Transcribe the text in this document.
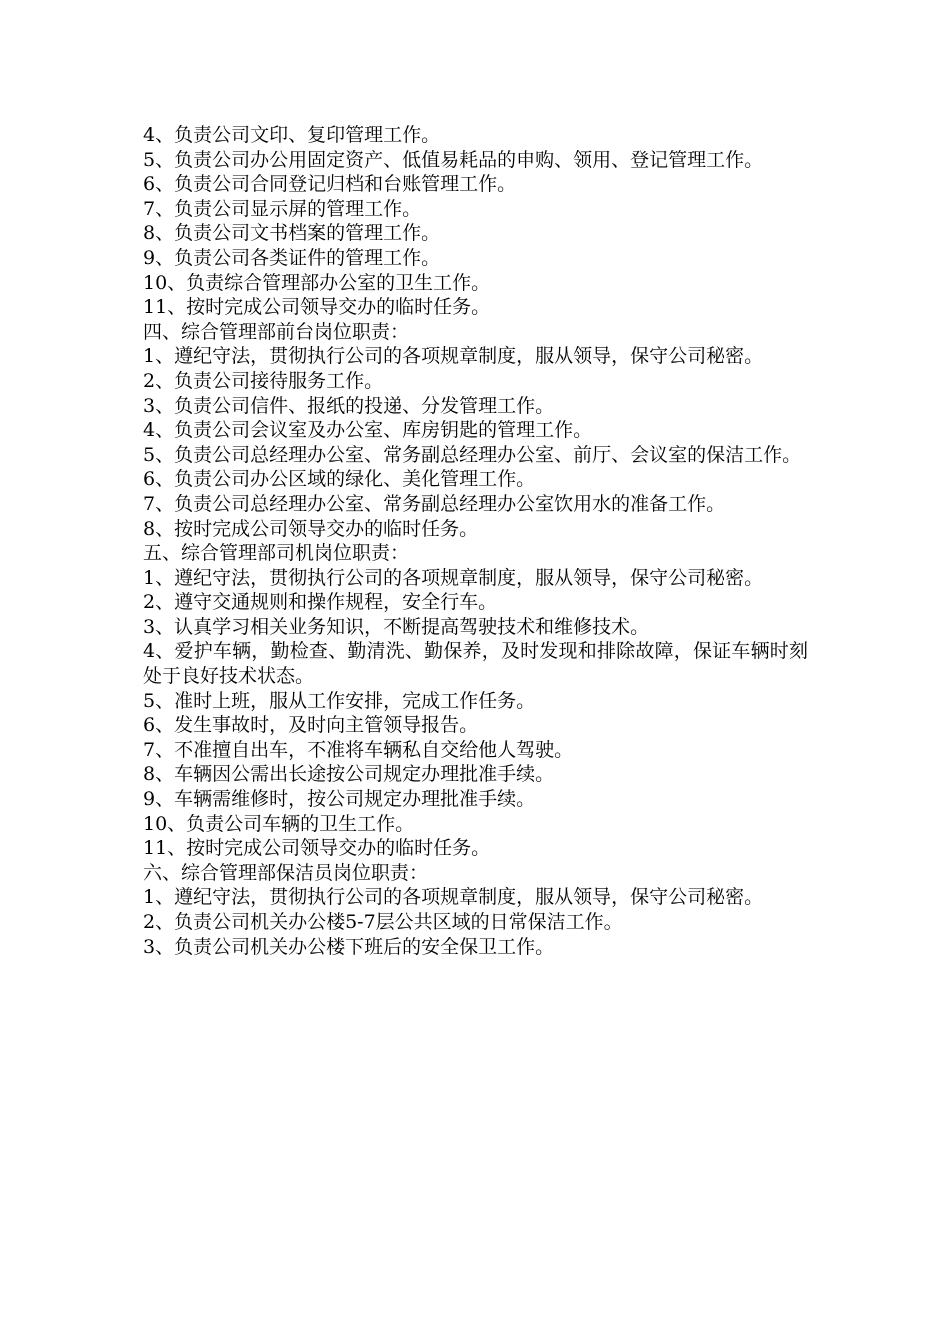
4、负责公司文印、复印管理工作。

5、负责公司办公用固定资产、低值易耗品的申购、领用、登记管理工作。

6、负责公司合同登记归档和台账管理工作。

7、负责公司显示屏的管理工作。

8、负责公司文书档案的管理工作。

9、负责公司各类证件的管理工作。

10、负责综合管理部办公室的卫生工作。

11、按时完成公司领导交办的临时任务。

四、综合管理部前台岗位职责：

1、遵纪守法，贯彻执行公司的各项规章制度，服从领导，保守公司秘密。

2、负责公司接待服务工作。

3、负责公司信件、报纸的投递、分发管理工作。

4、负责公司会议室及办公室、库房钥匙的管理工作。

5、负责公司总经理办公室、常务副总经理办公室、前厅、会议室的保洁工作。

6、负责公司办公区域的绿化、美化管理工作。

7、负责公司总经理办公室、常务副总经理办公室饮用水的准备工作。

8、按时完成公司领导交办的临时任务。

五、综合管理部司机岗位职责：

1、遵纪守法，贯彻执行公司的各项规章制度，服从领导，保守公司秘密。

2、遵守交通规则和操作规程，安全行车。

3、认真学习相关业务知识，不断提高驾驶技术和维修技术。

4、爱护车辆，勤检查、勤清洗、勤保养，及时发现和排除故障，保证车辆时刻处于良好技术状态。

5、准时上班，服从工作安排，完成工作任务。

6、发生事故时，及时向主管领导报告。

7、不准擅自出车，不准将车辆私自交给他人驾驶。

8、车辆因公需出长途按公司规定办理批准手续。

9、车辆需维修时，按公司规定办理批准手续。

10、负责公司车辆的卫生工作。

11、按时完成公司领导交办的临时任务。

六、综合管理部保洁员岗位职责：

1、遵纪守法，贯彻执行公司的各项规章制度，服从领导，保守公司秘密。

2、负责公司机关办公楼5-7层公共区域的日常保洁工作。

3、负责公司机关办公楼下班后的安全保卫工作。
